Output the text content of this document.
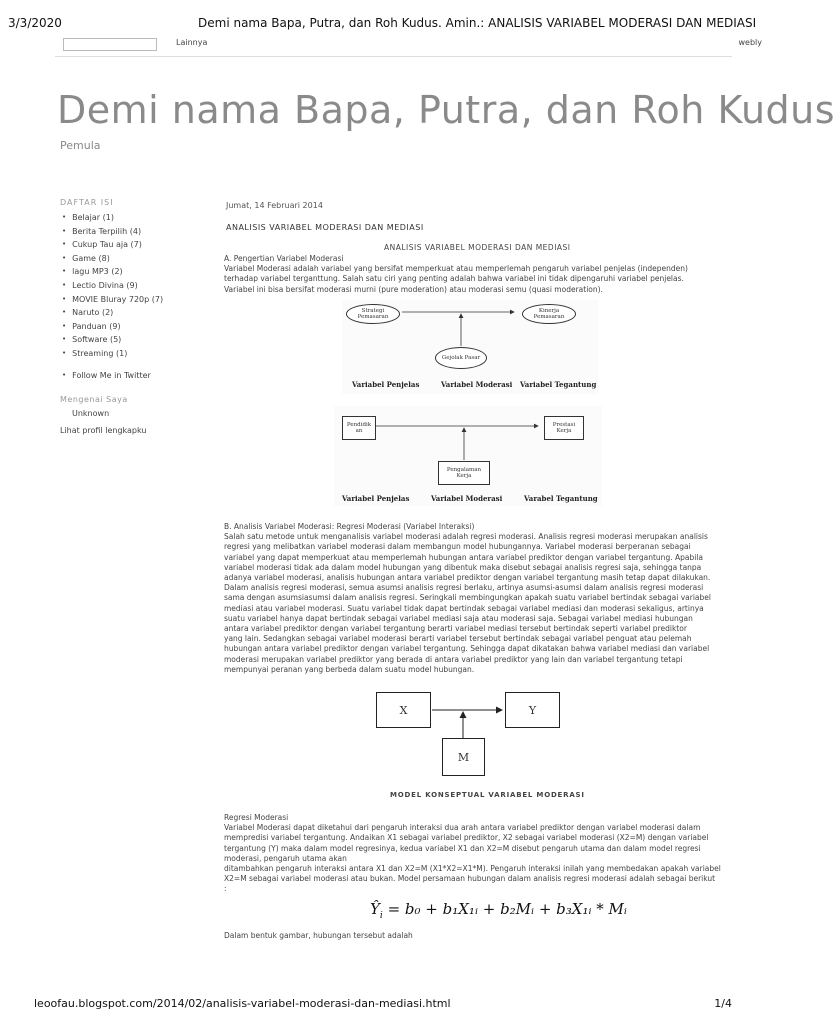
3/3/2020	Demi nama Bapa, Putra, dan Roh Kudus. Amin.: ANALISIS VARIABEL MODERASI DAN MEDIASI
Lainnya	webly
Demi nama Bapa, Putra, dan Roh Kudus
Pemula
DAFTAR ISI
• Belajar (1)
• Berita Terpilih (4)
• Cukup Tau aja (7)
• Game (8)
• lagu MP3 (2)
• Lectio Divina (9)
• MOVIE Bluray 720p (7)
• Naruto (2)
• Panduan (9)
• Software (5)
• Streaming (1)
• Follow Me in Twitter
Mengenai Saya
Unknown
Lihat profil lengkapku
Jumat, 14 Februari 2014
ANALISIS VARIABEL MODERASI DAN MEDIASI
ANALISIS VARIABEL MODERASI DAN MEDIASI

A. Pengertian Variabel Moderasi

Variabel Moderasi adalah variabel yang bersifat memperkuat atau memperlemah pengaruh variabel penjelas (independen)

terhadap variabel terganttung. Salah satu ciri yang penting adalah bahwa variabel ini tidak dipengaruhi variabel penjelas.

Variabel ini bisa bersifat moderasi murni (pure moderation) atau moderasi semu (quasi moderation).

Strategi Pemasaran
Kinerja Pemasaran
Gejolak Pasar
Variabel Penjelas	Variabel Moderasi Variabel Tegantung
Pendidik an
Prestasi Kerja
Pengalaman Kerja
Variabel Penjelas	Variabel Moderasi	Varabel Tegantung

B. Analisis Variabel Moderasi: Regresi Moderasi (Variabel Interaksi)

Salah satu metode untuk menganalisis variabel moderasi adalah regresi moderasi. Analisis regresi moderasi merupakan analisis

regresi yang melibatkan variabel moderasi dalam membangun model hubungannya. Variabel moderasi berperanan sebagai

variabel yang dapat memperkuat atau memperlemah hubungan antara variabel prediktor dengan variabel tergantung. Apabila

variabel moderasi tidak ada dalam model hubungan yang dibentuk maka disebut sebagai analisis regresi saja, sehingga tanpa

adanya variabel moderasi, analisis hubungan antara variabel prediktor dengan variabel tergantung masih tetap dapat dilakukan.

Dalam analisis regresi moderasi, semua asumsi analisis regresi berlaku, artinya asumsi-asumsi dalam analisis regresi moderasi

sama dengan asumsiasumsi dalam analisis regresi. Seringkali membingungkan apakah suatu variabel bertindak sebagai variabel

mediasi atau variabel moderasi. Suatu variabel tidak dapat bertindak sebagai variabel mediasi dan moderasi sekaligus, artinya

suatu variabel hanya dapat bertindak sebagai variabel mediasi saja atau moderasi saja. Sebagai variabel mediasi hubungan

antara variabel prediktor dengan variabel tergantung berarti variabel mediasi tersebut bertindak seperti variabel prediktor

yang lain. Sedangkan sebagai variabel moderasi berarti variabel tersebut bertindak sebagai variabel penguat atau pelemah

hubungan antara variabel prediktor dengan variabel tergantung. Sehingga dapat dikatakan bahwa variabel mediasi dan variabel

moderasi merupakan variabel prediktor yang berada di antara variabel prediktor yang lain dan variabel tergantung tetapi

mempunyai peranan yang berbeda dalam suatu model hubungan.

X	Y
M
MODEL KONSEPTUAL VARIABEL MODERASI

Regresi Moderasi

Variabel Moderasi dapat diketahui dari pengaruh interaksi dua arah antara variabel prediktor dengan variabel moderasi dalam

mempredisi variabel tergantung. Andaikan X1 sebagai variabel prediktor, X2 sebagai variabel moderasi (X2=M) dengan variabel

tergantung (Y) maka dalam model regresinya, kedua variabel X1 dan X2=M disebut pengaruh utama dan dalam model regresi

moderasi, pengaruh utama akan

ditambahkan pengaruh interaksi antara X1 dan X2=M (X1*X2=X1*M). Pengaruh interaksi inilah yang membedakan apakah variabel

X2=M sebagai variabel moderasi atau bukan. Model persamaan hubungan dalam analisis regresi moderasi adalah sebagai berikut

:

$Ŷ_i = b_0$ + b₁X₁ᵢ + b₂Mᵢ + b₃X₁ᵢ * Mᵢ
Dalam bentuk gambar, hubungan tersebut adalah
leoofau.blogspot.com/2014/02/analisis-variabel-moderasi-dan-mediasi.html	1/4
